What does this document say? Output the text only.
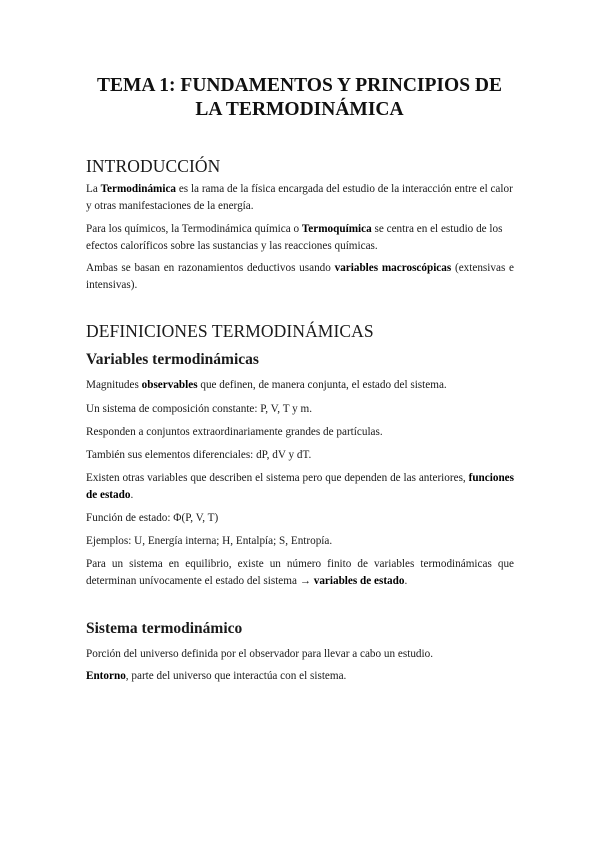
TEMA 1: FUNDAMENTOS Y PRINCIPIOS DE
LA TERMODINÁMICA
INTRODUCCIÓN

La Termodinámica es la rama de la física encargada del estudio de la interacción entre el calor y otras manifestaciones de la energía.

Para los químicos, la Termodinámica química o Termoquímica se centra en el estudio de los efectos caloríficos sobre las sustancias y las reacciones químicas.

Ambas se basan en razonamientos deductivos usando variables macroscópicas (extensivas e intensivas).

DEFINICIONES TERMODINÁMICAS
Variables termodinámicas

Magnitudes observables que definen, de manera conjunta, el estado del sistema.

Un sistema de composición constante: P, V, T y m.

Responden a conjuntos extraordinariamente grandes de partículas.

También sus elementos diferenciales: dP, dV y dT.

Existen otras variables que describen el sistema pero que dependen de las anteriores, funciones de estado.

Función de estado: Φ(P, V, T)

Ejemplos: U, Energía interna; H, Entalpía; S, Entropía.

Para un sistema en equilibrio, existe un número finito de variables termodinámicas que determinan unívocamente el estado del sistema → variables de estado.

Sistema termodinámico

Porción del universo definida por el observador para llevar a cabo un estudio.

Entorno, parte del universo que interactúa con el sistema.
